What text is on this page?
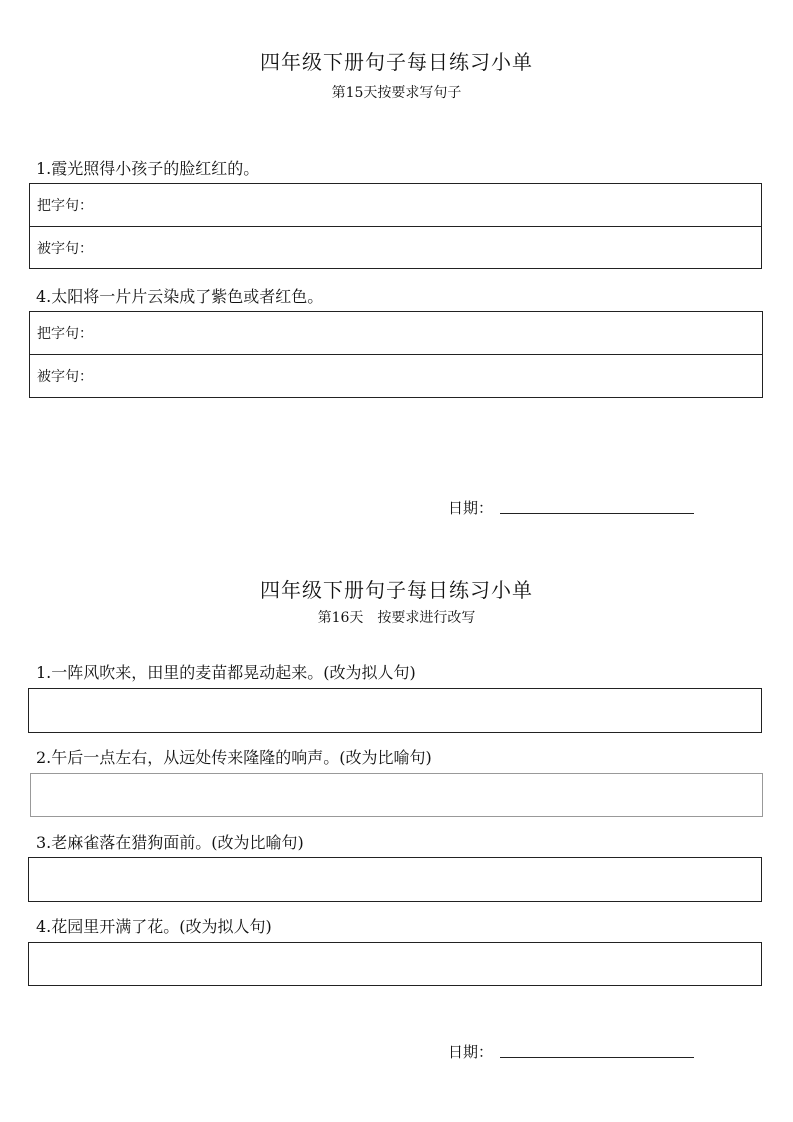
四年级下册句子每日练习小单
第15天按要求写句子
1.霞光照得小孩子的脸红红的。
把字句：
被字句：
4.太阳将一片片云染成了紫色或者红色。
把字句：
被字句：
日期：
四年级下册句子每日练习小单
第16天　按要求进行改写
1.一阵风吹来，田里的麦苗都晃动起来。(改为拟人句)
2.午后一点左右，从远处传来隆隆的响声。(改为比喻句)
3.老麻雀落在猎狗面前。(改为比喻句)
4.花园里开满了花。(改为拟人句)
日期：
